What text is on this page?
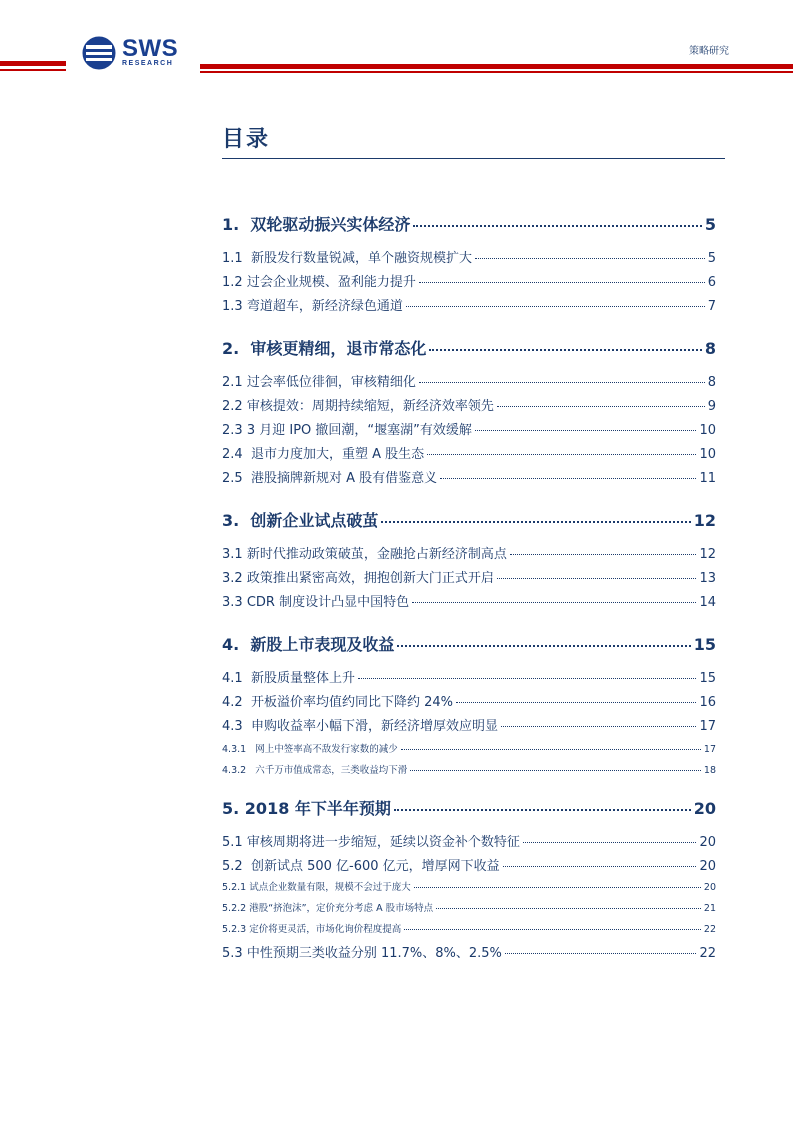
SWS
RESEARCH
策略研究
目录
1. 双轮驱动振兴实体经济	5
1.1 新股发行数量锐减，单个融资规模扩大	5
1.2 过会企业规模、盈利能力提升	6
1.3 弯道超车，新经济绿色通道	7
2. 审核更精细，退市常态化	8
2.1 过会率低位徘徊，审核精细化	8
2.2 审核提效：周期持续缩短，新经济效率领先	9
2.3 3 月迎 IPO 撤回潮，“堰塞湖”有效缓解	10
2.4 退市力度加大，重塑 A 股生态	10
2.5 港股摘牌新规对 A 股有借鉴意义	11
3. 创新企业试点破茧	12
3.1 新时代推动政策破茧，金融抢占新经济制高点	12
3.2 政策推出紧密高效，拥抱创新大门正式开启	13
3.3 CDR 制度设计凸显中国特色	14
4. 新股上市表现及收益	15
4.1 新股质量整体上升	15
4.2 开板溢价率均值约同比下降约 24%	16
4.3 申购收益率小幅下滑，新经济增厚效应明显	17
4.3.1 网上中签率高不敌发行家数的减少	17
4.3.2 六千万市值成常态，三类收益均下滑	18
5. 2018 年下半年预期	20
5.1 审核周期将进一步缩短，延续以资金补个数特征	20
5.2 创新试点 500 亿-600 亿元，增厚网下收益	20
5.2.1 试点企业数量有限，规模不会过于庞大	20
5.2.2 港股“挤泡沫”，定价充分考虑 A 股市场特点	21
5.2.3 定价将更灵活，市场化询价程度提高	22
5.3 中性预期三类收益分别 11.7%、8%、2.5%	22
